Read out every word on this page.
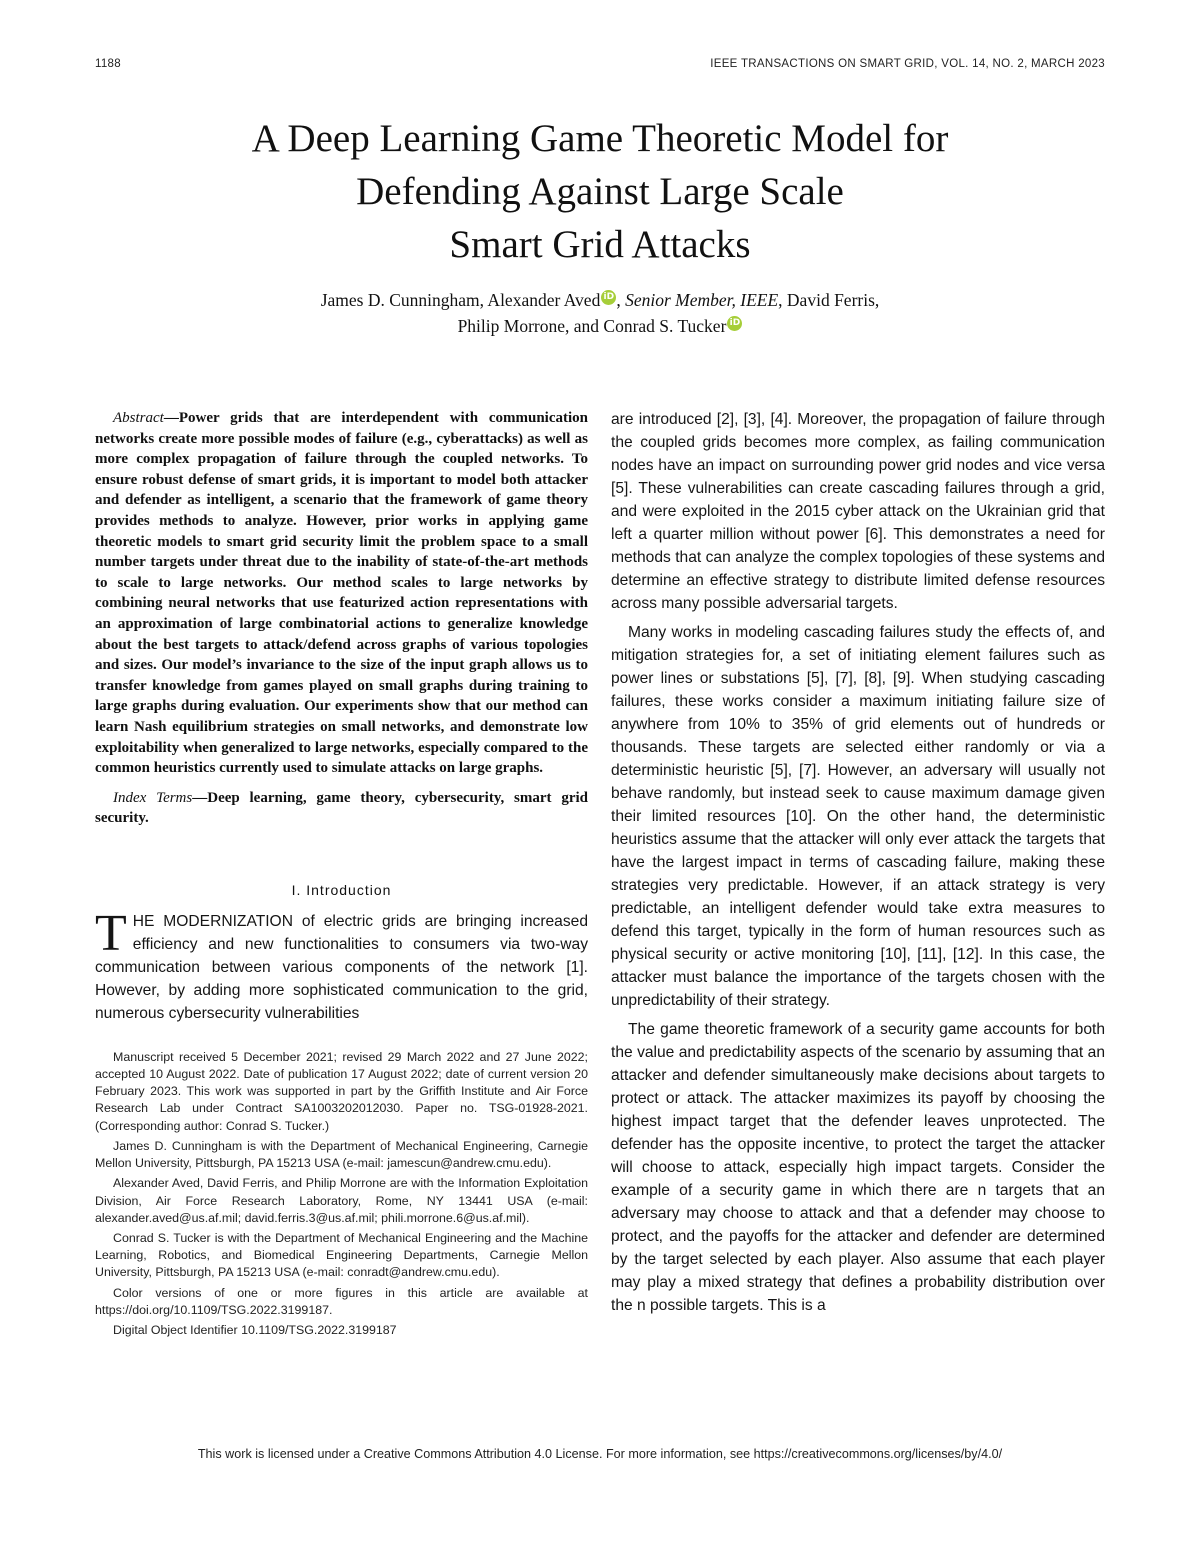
1188	IEEE TRANSACTIONS ON SMART GRID, VOL. 14, NO. 2, MARCH 2023
A Deep Learning Game Theoretic Model for
Defending Against Large Scale
Smart Grid Attacks
James D. Cunningham, Alexander Aved iD , Senior Member, IEEE, David Ferris,
Philip Morrone, and Conrad S. Tucker iD

Abstract—Power grids that are interdependent with communication networks create more possible modes of failure (e.g., cyberattacks) as well as more complex propagation of failure through the coupled networks. To ensure robust defense of smart grids, it is important to model both attacker and defender as intelligent, a scenario that the framework of game theory provides methods to analyze. However, prior works in applying game theoretic models to smart grid security limit the problem space to a small number targets under threat due to the inability of state-of-the-art methods to scale to large networks. Our method scales to large networks by combining neural networks that use featurized action representations with an approximation of large combinatorial actions to generalize knowledge about the best targets to attack/defend across graphs of various topologies and sizes. Our model’s invariance to the size of the input graph allows us to transfer knowledge from games played on small graphs during training to large graphs during evaluation. Our experiments show that our method can learn Nash equilibrium strategies on small networks, and demonstrate low exploitability when generalized to large networks, especially compared to the common heuristics currently used to simulate attacks on large graphs.

Index Terms—Deep learning, game theory, cybersecurity, smart grid security.

I. Introduction

THE MODERNIZATION of electric grids are bringing increased efficiency and new functionalities to consumers via two-way communication between various components of the network [1]. However, by adding more sophisticated communication to the grid, numerous cybersecurity vulnerabilities

Manuscript received 5 December 2021; revised 29 March 2022 and 27 June 2022; accepted 10 August 2022. Date of publication 17 August 2022; date of current version 20 February 2023. This work was supported in part by the Griffith Institute and Air Force Research Lab under Contract SA1003202012030. Paper no. TSG-01928-2021. (Corresponding author: Conrad S. Tucker.)

James D. Cunningham is with the Department of Mechanical Engineering, Carnegie Mellon University, Pittsburgh, PA 15213 USA (e-mail: jamescun@andrew.cmu.edu).

Alexander Aved, David Ferris, and Philip Morrone are with the Information Exploitation Division, Air Force Research Laboratory, Rome, NY 13441 USA (e-mail: alexander.aved@us.af.mil; david.ferris.3@us.af.mil; phili.morrone.6@us.af.mil).

Conrad S. Tucker is with the Department of Mechanical Engineering and the Machine Learning, Robotics, and Biomedical Engineering Departments, Carnegie Mellon University, Pittsburgh, PA 15213 USA (e-mail: conradt@andrew.cmu.edu).

Color versions of one or more figures in this article are available at https://doi.org/10.1109/TSG.2022.3199187.

Digital Object Identifier 10.1109/TSG.2022.3199187

are introduced [2], [3], [4]. Moreover, the propagation of failure through the coupled grids becomes more complex, as failing communication nodes have an impact on surrounding power grid nodes and vice versa [5]. These vulnerabilities can create cascading failures through a grid, and were exploited in the 2015 cyber attack on the Ukrainian grid that left a quarter million without power [6]. This demonstrates a need for methods that can analyze the complex topologies of these systems and determine an effective strategy to distribute limited defense resources across many possible adversarial targets.

Many works in modeling cascading failures study the effects of, and mitigation strategies for, a set of initiating element failures such as power lines or substations [5], [7], [8], [9]. When studying cascading failures, these works consider a maximum initiating failure size of anywhere from 10% to 35% of grid elements out of hundreds or thousands. These targets are selected either randomly or via a deterministic heuristic [5], [7]. However, an adversary will usually not behave randomly, but instead seek to cause maximum damage given their limited resources [10]. On the other hand, the deterministic heuristics assume that the attacker will only ever attack the targets that have the largest impact in terms of cascading failure, making these strategies very predictable. However, if an attack strategy is very predictable, an intelligent defender would take extra measures to defend this target, typically in the form of human resources such as physical security or active monitoring [10], [11], [12]. In this case, the attacker must balance the importance of the targets chosen with the unpredictability of their strategy.

The game theoretic framework of a security game accounts for both the value and predictability aspects of the scenario by assuming that an attacker and defender simultaneously make decisions about targets to protect or attack. The attacker maximizes its payoff by choosing the highest impact target that the defender leaves unprotected. The defender has the opposite incentive, to protect the target the attacker will choose to attack, especially high impact targets. Consider the example of a security game in which there are n targets that an adversary may choose to attack and that a defender may choose to protect, and the payoffs for the attacker and defender are determined by the target selected by each player. Also assume that each player may play a mixed strategy that defines a probability distribution over the n possible targets. This is a

This work is licensed under a Creative Commons Attribution 4.0 License. For more information, see https://creativecommons.org/licenses/by/4.0/
